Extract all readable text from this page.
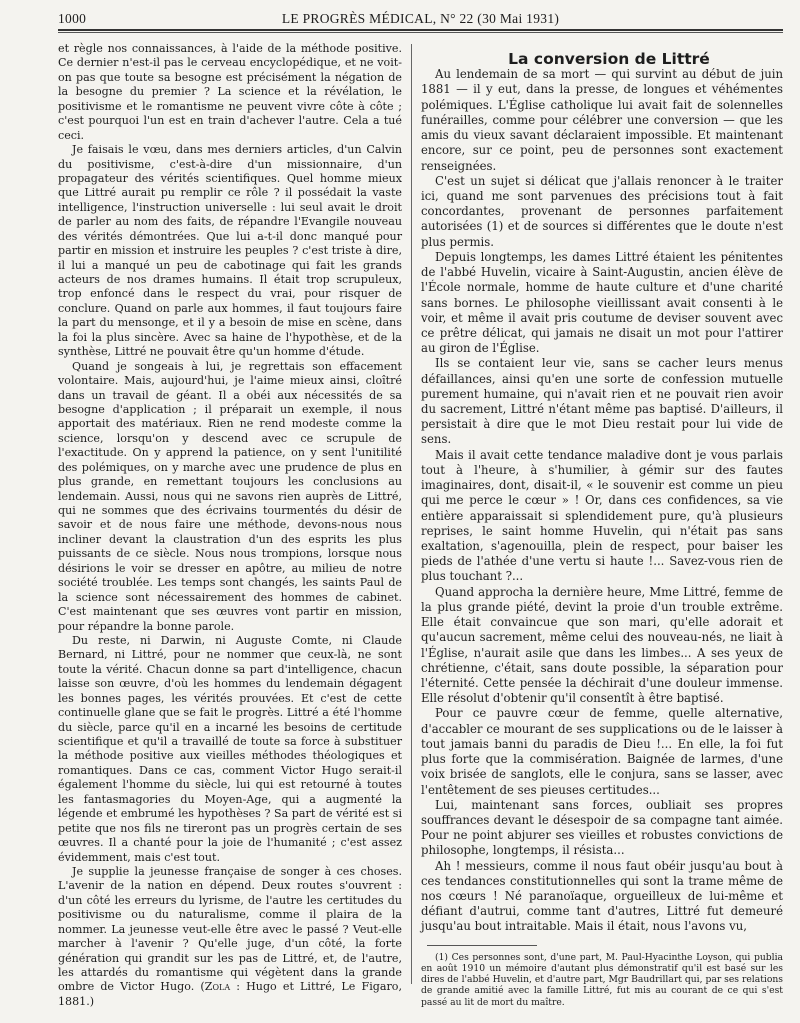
1000	LE PROGRÈS MÉDICAL, N° 22 (30 Mai 1931)

et règle nos connaissances, à l'aide de la méthode positive. Ce dernier n'est-il pas le cerveau encyclopédique, et ne voit-on pas que toute sa besogne est précisément la négation de la besogne du premier ? La science et la révélation, le positivisme et le romantisme ne peuvent vivre côte à côte ; c'est pourquoi l'un est en train d'achever l'autre. Cela a tué ceci.

Je faisais le vœu, dans mes derniers articles, d'un Calvin du positivisme, c'est-à-dire d'un missionnaire, d'un propagateur des vérités scientifiques. Quel homme mieux que Littré aurait pu remplir ce rôle ? il possédait la vaste intelligence, l'instruction universelle : lui seul avait le droit de parler au nom des faits, de répandre l'Evangile nouveau des vérités démontrées. Que lui a-t-il donc manqué pour partir en mission et instruire les peuples ? c'est triste à dire, il lui a manqué un peu de cabotinage qui fait les grands acteurs de nos drames humains. Il était trop scrupuleux, trop enfoncé dans le respect du vrai, pour risquer de conclure. Quand on parle aux hommes, il faut toujours faire la part du mensonge, et il y a besoin de mise en scène, dans la foi la plus sincère. Avec sa haine de l'hypothèse, et de la synthèse, Littré ne pouvait être qu'un homme d'étude.

Quand je songeais à lui, je regrettais son effacement volontaire. Mais, aujourd'hui, je l'aime mieux ainsi, cloîtré dans un travail de géant. Il a obéi aux nécessités de sa besogne d'application ; il préparait un exemple, il nous apportait des matériaux. Rien ne rend modeste comme la science, lorsqu'on y descend avec ce scrupule de l'exactitude. On y apprend la patience, on y sent l'unitilité des polémiques, on y marche avec une prudence de plus en plus grande, en remettant toujours les conclusions au lendemain. Aussi, nous qui ne savons rien auprès de Littré, qui ne sommes que des écrivains tourmentés du désir de savoir et de nous faire une méthode, devons-nous nous incliner devant la claustration d'un des esprits les plus puissants de ce siècle. Nous nous trompions, lorsque nous désirions le voir se dresser en apôtre, au milieu de notre société troublée. Les temps sont changés, les saints Paul de la science sont nécessairement des hommes de cabinet. C'est maintenant que ses œuvres vont partir en mission, pour répandre la bonne parole.

Du reste, ni Darwin, ni Auguste Comte, ni Claude Bernard, ni Littré, pour ne nommer que ceux-là, ne sont toute la vérité. Chacun donne sa part d'intelligence, chacun laisse son œuvre, d'où les hommes du lendemain dégagent les bonnes pages, les vérités prouvées. Et c'est de cette continuelle glane que se fait le progrès. Littré a été l'homme du siècle, parce qu'il en a incarné les besoins de certitude scientifique et qu'il a travaillé de toute sa force à substituer la méthode positive aux vieilles méthodes théologiques et romantiques. Dans ce cas, comment Victor Hugo serait-il également l'homme du siècle, lui qui est retourné à toutes les fantasmagories du Moyen-Age, qui a augmenté la légende et embrumé les hypothèses ? Sa part de vérité est si petite que nos fils ne tireront pas un progrès certain de ses œuvres. Il a chanté pour la joie de l'humanité ; c'est assez évidemment, mais c'est tout.

Je supplie la jeunesse française de songer à ces choses. L'avenir de la nation en dépend. Deux routes s'ouvrent : d'un côté les erreurs du lyrisme, de l'autre les certitudes du positivisme ou du naturalisme, comme il plaira de la nommer. La jeunesse veut-elle être avec le passé ? Veut-elle marcher à l'avenir ? Qu'elle juge, d'un côté, la forte génération qui grandit sur les pas de Littré, et, de l'autre, les attardés du romantisme qui végètent dans la grande ombre de Victor Hugo. (Zola : Hugo et Littré, Le Figaro, 1881.)

La conversion de Littré

Au lendemain de sa mort — qui survint au début de juin 1881 — il y eut, dans la presse, de longues et véhémentes polémiques. L'Église catholique lui avait fait de solennelles funérailles, comme pour célébrer une conversion — que les amis du vieux savant déclaraient impossible. Et maintenant encore, sur ce point, peu de personnes sont exactement renseignées.

C'est un sujet si délicat que j'allais renoncer à le traiter ici, quand me sont parvenues des précisions tout à fait concordantes, provenant de personnes parfaitement autorisées (1) et de sources si différentes que le doute n'est plus permis.

Depuis longtemps, les dames Littré étaient les pénitentes de l'abbé Huvelin, vicaire à Saint-Augustin, ancien élève de l'École normale, homme de haute culture et d'une charité sans bornes. Le philosophe vieillissant avait consenti à le voir, et même il avait pris coutume de deviser souvent avec ce prêtre délicat, qui jamais ne disait un mot pour l'attirer au giron de l'Église.

Ils se contaient leur vie, sans se cacher leurs menus défaillances, ainsi qu'en une sorte de confession mutuelle purement humaine, qui n'avait rien et ne pouvait rien avoir du sacrement, Littré n'étant même pas baptisé. D'ailleurs, il persistait à dire que le mot Dieu restait pour lui vide de sens.

Mais il avait cette tendance maladive dont je vous parlais tout à l'heure, à s'humilier, à gémir sur des fautes imaginaires, dont, disait-il, « le souvenir est comme un pieu qui me perce le cœur » ! Or, dans ces confidences, sa vie entière apparaissait si splendidement pure, qu'à plusieurs reprises, le saint homme Huvelin, qui n'était pas sans exaltation, s'agenouilla, plein de respect, pour baiser les pieds de l'athée d'une vertu si haute !... Savez-vous rien de plus touchant ?...

Quand approcha la dernière heure, Mme Littré, femme de la plus grande piété, devint la proie d'un trouble extrême. Elle était convaincue que son mari, qu'elle adorait et qu'aucun sacrement, même celui des nouveau-nés, ne liait à l'Église, n'aurait asile que dans les limbes... A ses yeux de chrétienne, c'était, sans doute possible, la séparation pour l'éternité. Cette pensée la déchirait d'une douleur immense. Elle résolut d'obtenir qu'il consentît à être baptisé.

Pour ce pauvre cœur de femme, quelle alternative, d'accabler ce mourant de ses supplications ou de le laisser à tout jamais banni du paradis de Dieu !... En elle, la foi fut plus forte que la commisération. Baignée de larmes, d'une voix brisée de sanglots, elle le conjura, sans se lasser, avec l'entêtement de ses pieuses certitudes...

Lui, maintenant sans forces, oubliait ses propres souffrances devant le désespoir de sa compagne tant aimée. Pour ne point abjurer ses vieilles et robustes convictions de philosophe, longtemps, il résista...

Ah ! messieurs, comme il nous faut obéir jusqu'au bout à ces tendances constitutionnelles qui sont la trame même de nos cœurs ! Né paranoïaque, orgueilleux de lui-même et défiant d'autrui, comme tant d'autres, Littré fut demeuré jusqu'au bout intraitable. Mais il était, nous l'avons vu,

(1) Ces personnes sont, d'une part, M. Paul-Hyacinthe Loyson, qui publia en août 1910 un mémoire d'autant plus démonstratif qu'il est basé sur les dires de l'abbé Huvelin, et d'autre part, Mgr Baudrillart qui, par ses relations de grande amitié avec la famille Littré, fut mis au courant de ce qui s'est passé au lit de mort du maître.
